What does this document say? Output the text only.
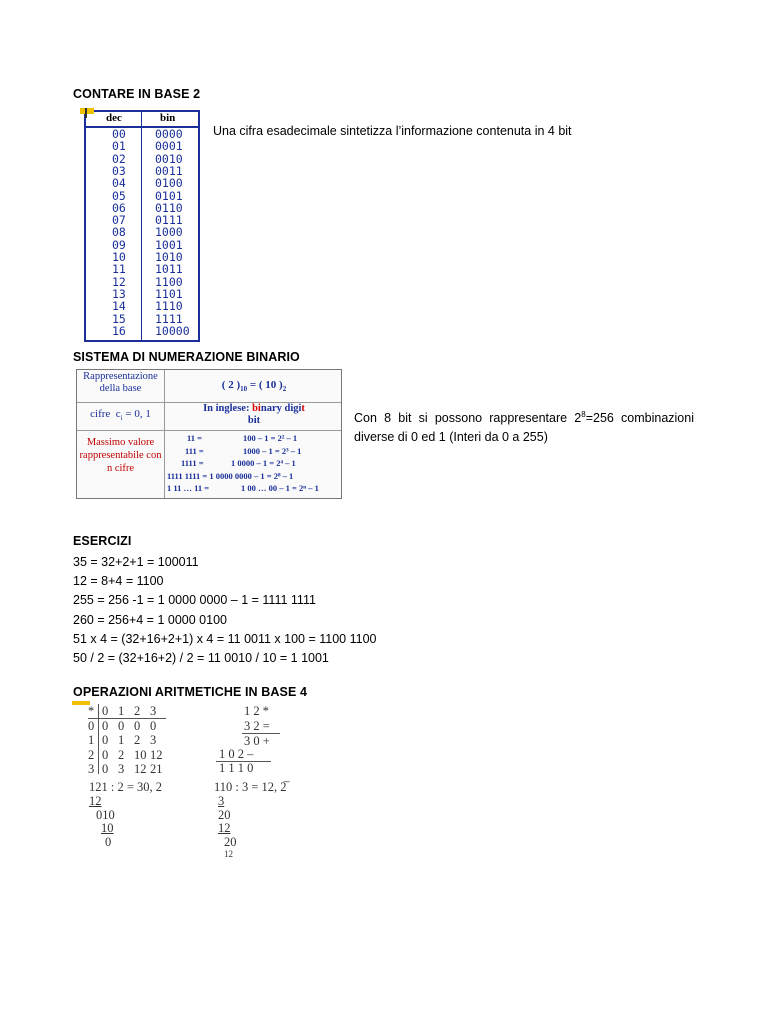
CONTARE IN BASE 2
dec	bin
00	0000
01	0001
02	0010
03	0011
04	0100
05	0101
06	0110
07	0111
08	1000
09	1001
10	1010
11	1011
12	1100
13	1101
14	1110
15	1111
16	10000
Una cifra esadecimale sintetizza l’informazione contenuta in 4 bit
SISTEMA DI NUMERAZIONE BINARIO
Rappresentazione della base	( 2 )$_{10}$ = ( 10 )$_2$
cifre  $c_i = 0$, 1	In inglese: binary digit
bit
Massimo valore rappresentabile con n cifre
11 =	100 – 1 = 2² – 1
111 =	1000 – 1 = 2³ – 1
1111 =	1 0000 – 1 = 2⁴ – 1
1111 1111 = 1 0000 0000 – 1 = 2⁸ – 1
1 11 … 11 =	1 00 … 00 – 1 = 2ⁿ – 1
Con 8 bit si possono rappresentare $2^8=256$ combinazioni diverse di 0 ed 1 (Interi da 0 a 255)
ESERCIZI
35 = 32+2+1 = 100011
12 = 8+4 = 1100
255 = 256 -1 = 1 0000 0000 – 1 = 1111 1111
260 = 256+4 = 1 0000 0100
51 x 4 = (32+16+2+1) x 4 = 11 0011 x 100 = 1100 1100
50 / 2 = (32+16+2) / 2 = 11 0010 / 10 = 1 1001
OPERAZIONI ARITMETICHE IN BASE 4
* 0 1 2 3
0 0 0 0 0
1 0 1 2 3
2 0 2 10 12
3 0 3 12 21
1 2 *
3 2 =
3 0 +
1 0 2 –
1 1 1 0
121 : 2 = 30, 2
12
010
10
0
110 : 3 = 12, 2̅
3
20
12
20
12
